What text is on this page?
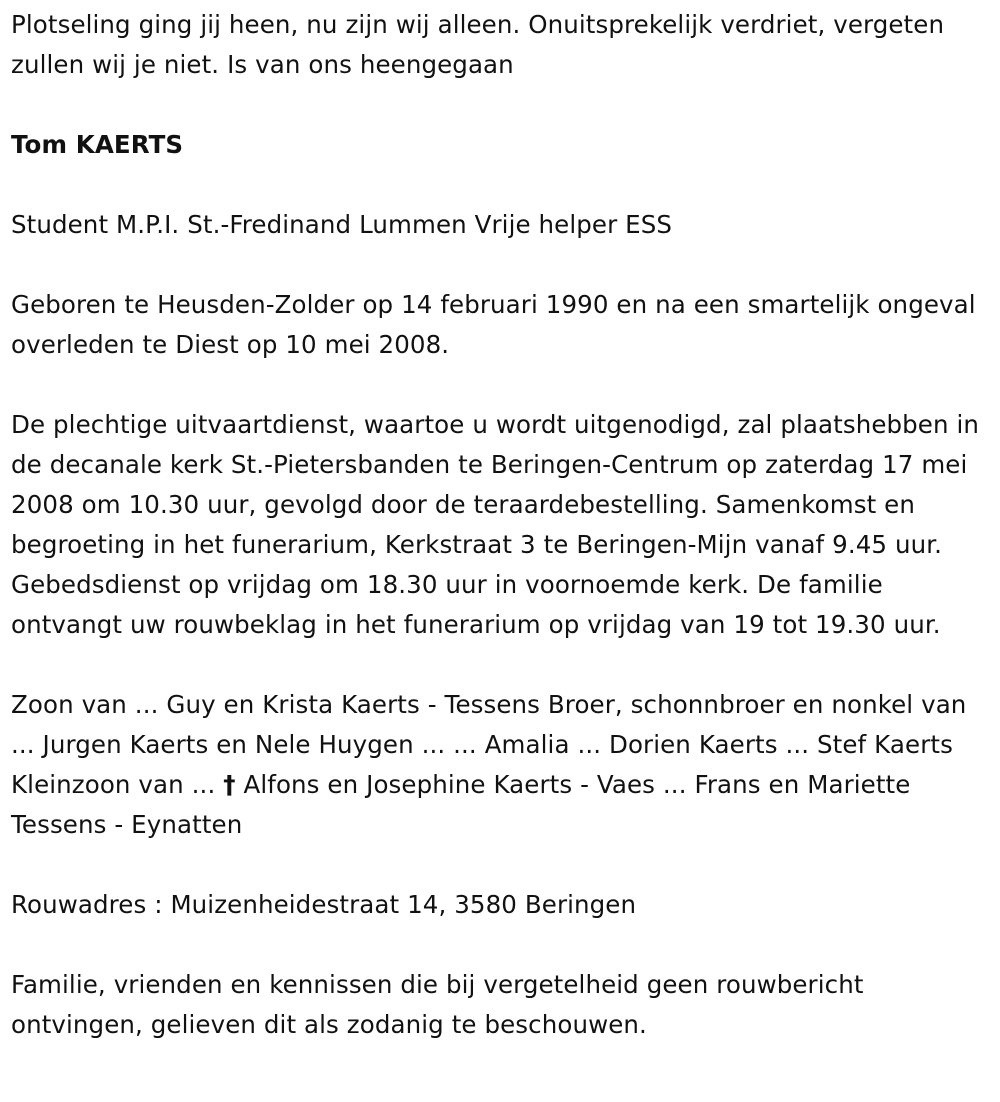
Plotseling ging jij heen, nu zijn wij alleen. Onuitsprekelijk verdriet, vergeten zullen wij je niet. Is van ons heengegaan

Tom KAERTS

Student M.P.I. St.-Fredinand Lummen Vrije helper ESS

Geboren te Heusden-Zolder op 14 februari 1990 en na een smartelijk ongeval overleden te Diest op 10 mei 2008.

De plechtige uitvaartdienst, waartoe u wordt uitgenodigd, zal plaatshebben in de decanale kerk St.-Pietersbanden te Beringen-Centrum op zaterdag 17 mei 2008 om 10.30 uur, gevolgd door de teraardebestelling. Samenkomst en begroeting in het funerarium, Kerkstraat 3 te Beringen-Mijn vanaf 9.45 uur. Gebedsdienst op vrijdag om 18.30 uur in voornoemde kerk. De familie ontvangt uw rouwbeklag in het funerarium op vrijdag van 19 tot 19.30 uur.

Zoon van ... Guy en Krista Kaerts - Tessens Broer, schonnbroer en nonkel van ... Jurgen Kaerts en Nele Huygen ... ... Amalia ... Dorien Kaerts ... Stef Kaerts Kleinzoon van ... † Alfons en Josephine Kaerts - Vaes ... Frans en Mariette Tessens - Eynatten

Rouwadres : Muizenheidestraat 14, 3580 Beringen

Familie, vrienden en kennissen die bij vergetelheid geen rouwbericht ontvingen, gelieven dit als zodanig te beschouwen.
